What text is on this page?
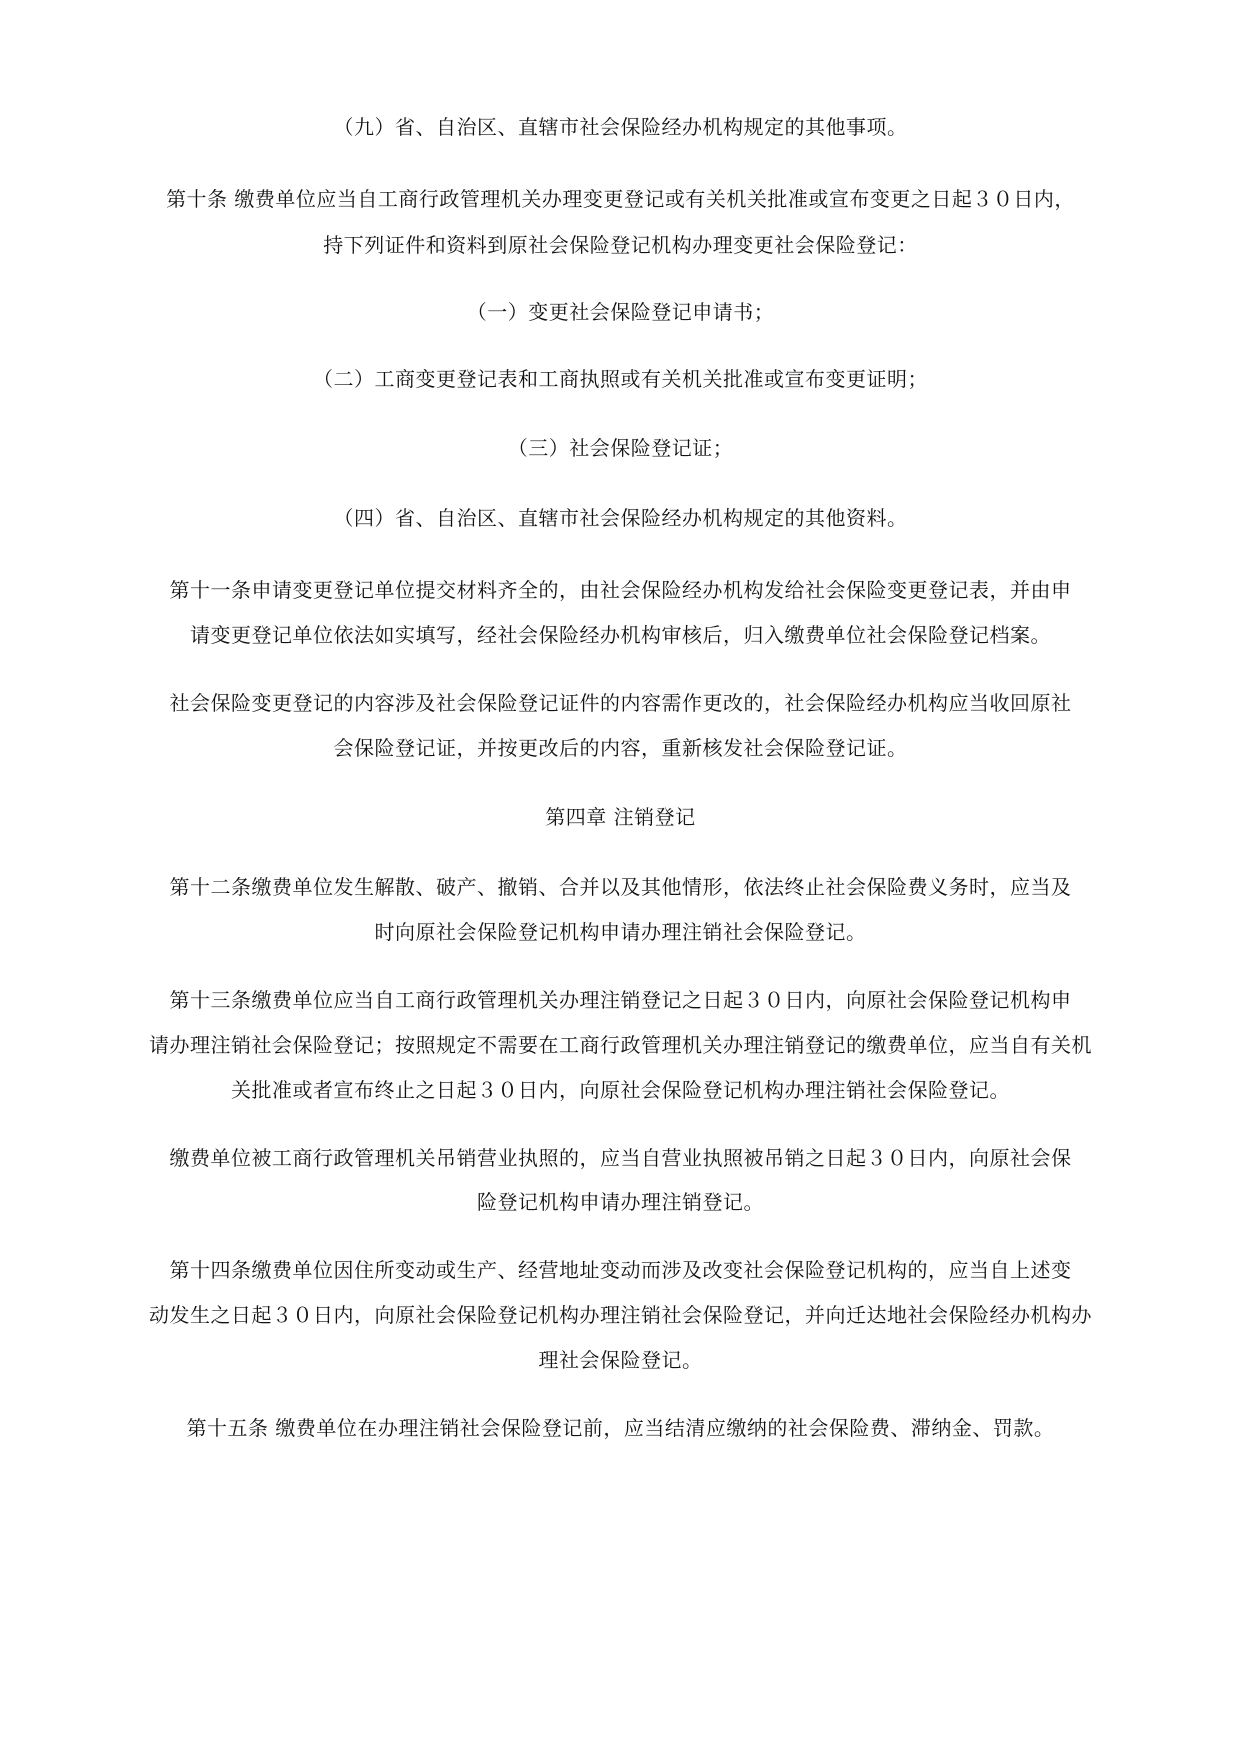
（九）省、自治区、直辖市社会保险经办机构规定的其他事项。
第十条 缴费单位应当自工商行政管理机关办理变更登记或有关机关批准或宣布变更之日起３０日内，
持下列证件和资料到原社会保险登记机构办理变更社会保险登记：
（一）变更社会保险登记申请书；
（二）工商变更登记表和工商执照或有关机关批准或宣布变更证明；
（三）社会保险登记证；
（四）省、自治区、直辖市社会保险经办机构规定的其他资料。
第十一条申请变更登记单位提交材料齐全的，由社会保险经办机构发给社会保险变更登记表，并由申
请变更登记单位依法如实填写，经社会保险经办机构审核后，归入缴费单位社会保险登记档案。
社会保险变更登记的内容涉及社会保险登记证件的内容需作更改的，社会保险经办机构应当收回原社
会保险登记证，并按更改后的内容，重新核发社会保险登记证。
第四章 注销登记
第十二条缴费单位发生解散、破产、撤销、合并以及其他情形，依法终止社会保险费义务时，应当及
时向原社会保险登记机构申请办理注销社会保险登记。
第十三条缴费单位应当自工商行政管理机关办理注销登记之日起３０日内，向原社会保险登记机构申
请办理注销社会保险登记；按照规定不需要在工商行政管理机关办理注销登记的缴费单位，应当自有关机
关批准或者宣布终止之日起３０日内，向原社会保险登记机构办理注销社会保险登记。
缴费单位被工商行政管理机关吊销营业执照的，应当自营业执照被吊销之日起３０日内，向原社会保
险登记机构申请办理注销登记。
第十四条缴费单位因住所变动或生产、经营地址变动而涉及改变社会保险登记机构的，应当自上述变
动发生之日起３０日内，向原社会保险登记机构办理注销社会保险登记，并向迁达地社会保险经办机构办
理社会保险登记。
第十五条 缴费单位在办理注销社会保险登记前，应当结清应缴纳的社会保险费、滞纳金、罚款。
